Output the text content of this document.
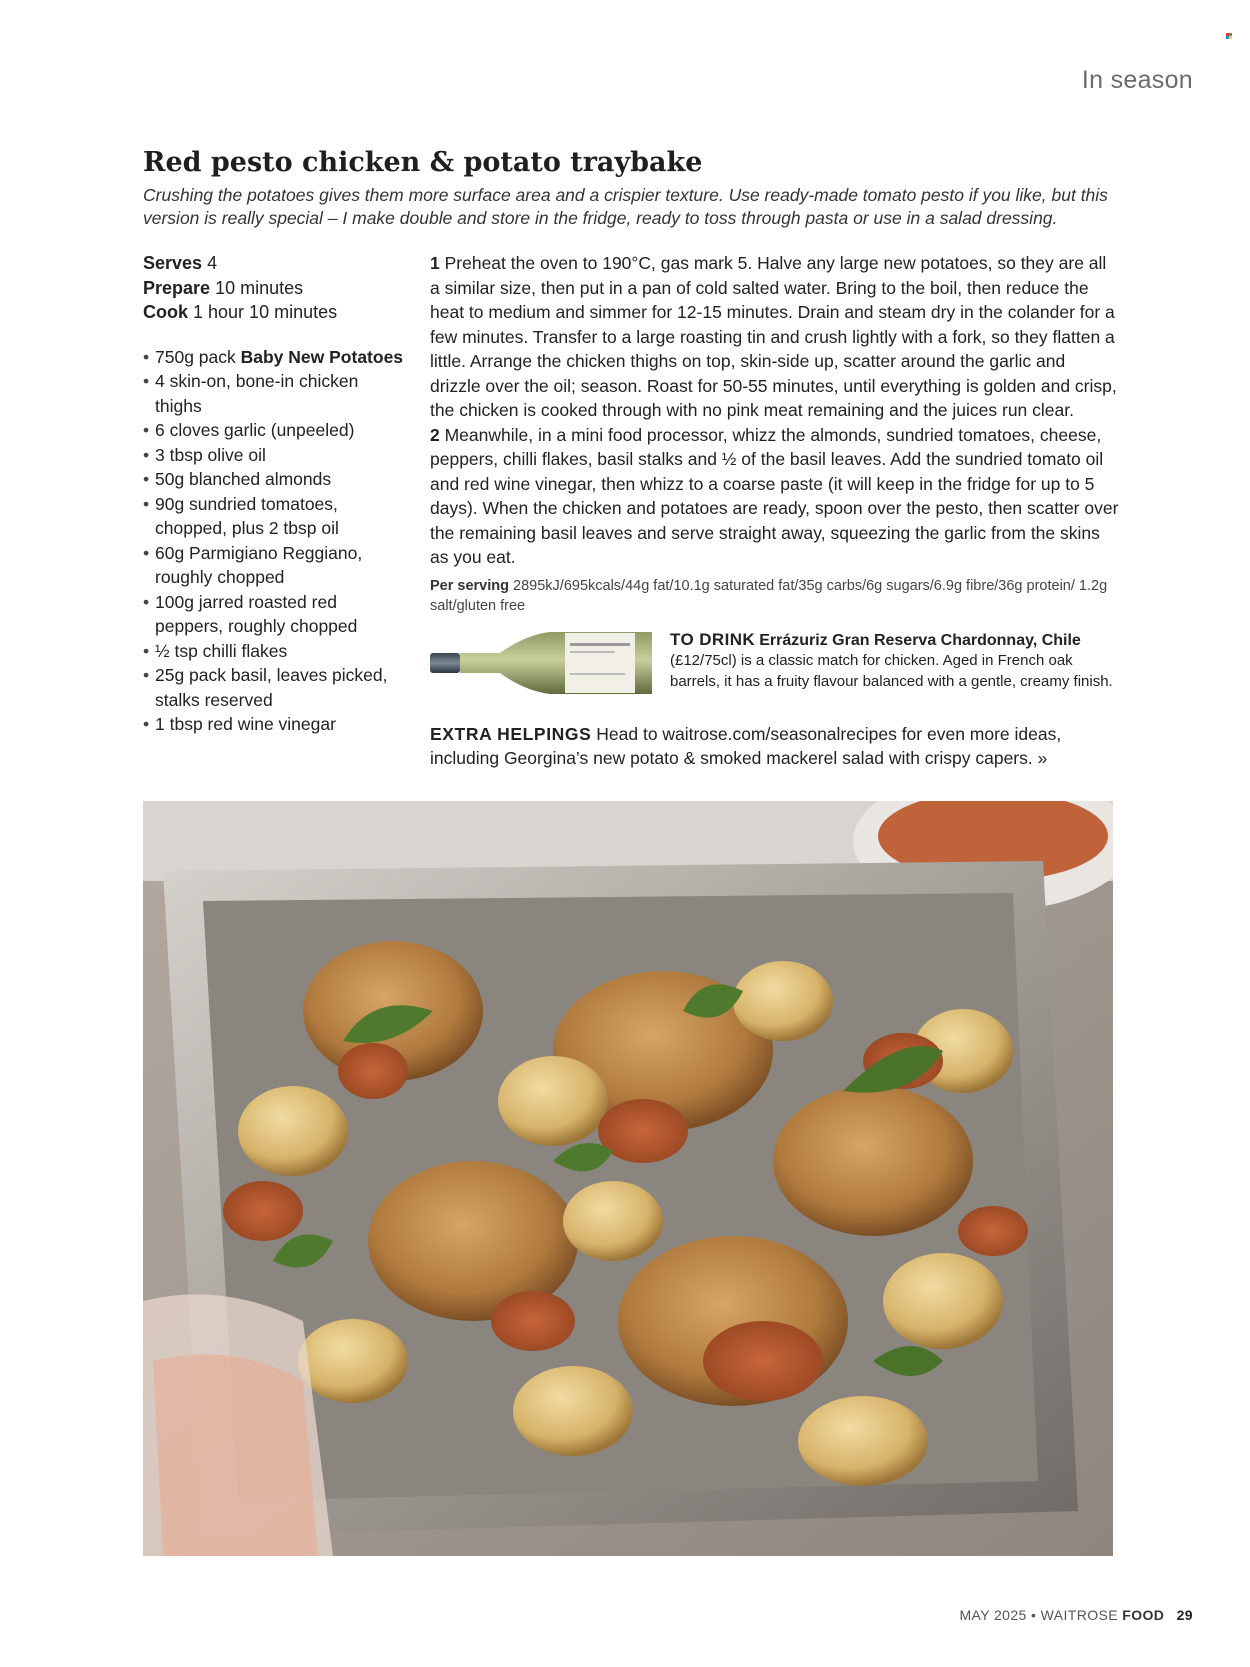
In season
Red pesto chicken & potato traybake

Crushing the potatoes gives them more surface area and a crispier texture. Use ready-made tomato pesto if you like, but this version is really special – I make double and store in the fridge, ready to toss through pasta or use in a salad dressing.

Serves 4
Prepare 10 minutes
Cook 1 hour 10 minutes
• 750g pack Baby New Potatoes
• 4 skin-on, bone-in chicken thighs
• 6 cloves garlic (unpeeled)
• 3 tbsp olive oil
• 50g blanched almonds
• 90g sundried tomatoes, chopped, plus 2 tbsp oil
• 60g Parmigiano Reggiano, roughly chopped
• 100g jarred roasted red peppers, roughly chopped
• ½ tsp chilli flakes
• 25g pack basil, leaves picked, stalks reserved
• 1 tbsp red wine vinegar

1 Preheat the oven to 190°C, gas mark 5. Halve any large new potatoes, so they are all a similar size, then put in a pan of cold salted water. Bring to the boil, then reduce the heat to medium and simmer for 12-15 minutes. Drain and steam dry in the colander for a few minutes. Transfer to a large roasting tin and crush lightly with a fork, so they flatten a little. Arrange the chicken thighs on top, skin-side up, scatter around the garlic and drizzle over the oil; season. Roast for 50-55 minutes, until everything is golden and crisp, the chicken is cooked through with no pink meat remaining and the juices run clear.

2 Meanwhile, in a mini food processor, whizz the almonds, sundried tomatoes, cheese, peppers, chilli flakes, basil stalks and ½ of the basil leaves. Add the sundried tomato oil and red wine vinegar, then whizz to a coarse paste (it will keep in the fridge for up to 5 days). When the chicken and potatoes are ready, spoon over the pesto, then scatter over the remaining basil leaves and serve straight away, squeezing the garlic from the skins as you eat.

Per serving 2895kJ/695kcals/44g fat/10.1g saturated fat/35g carbs/6g sugars/6.9g fibre/36g protein/ 1.2g salt/gluten free
TO DRINK Errázuriz Gran Reserva Chardonnay, Chile (£12/75cl) is a classic match for chicken. Aged in French oak barrels, it has a fruity flavour balanced with a gentle, creamy finish.
EXTRA HELPINGS Head to waitrose.com/seasonalrecipes for even more ideas, including Georgina’s new potato & smoked mackerel salad with crispy capers. »
MAY 2025 • WAITROSE FOOD 29
